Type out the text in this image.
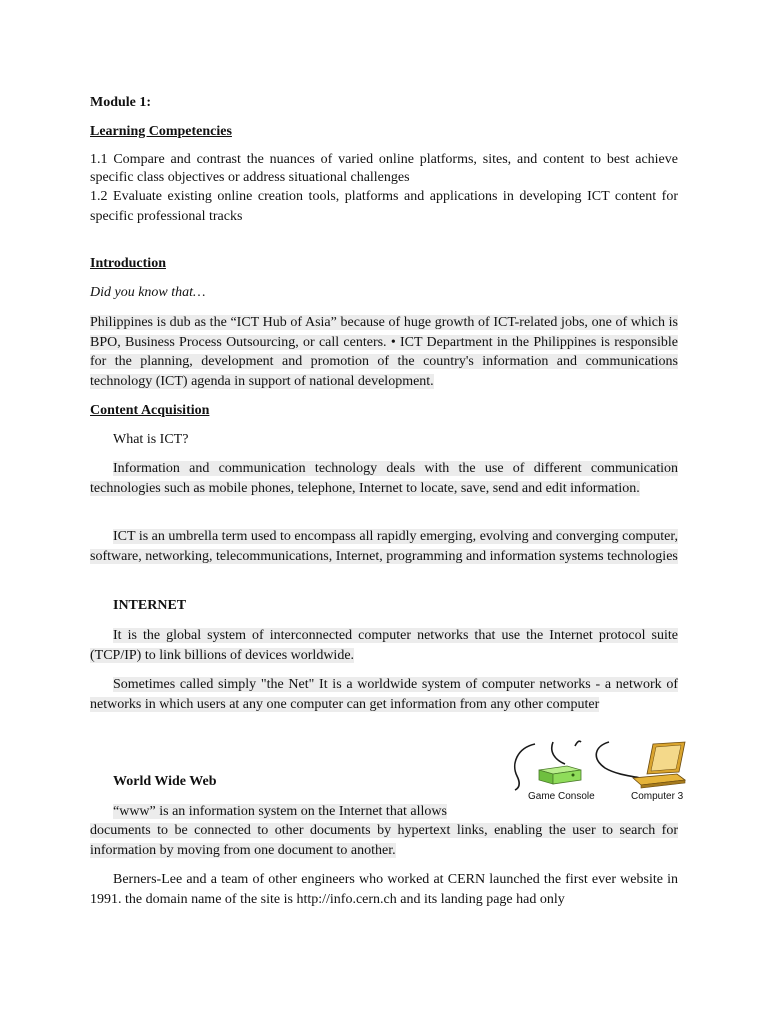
Module 1:
Learning Competencies
1.1 Compare and contrast the nuances of varied online platforms, sites, and content to best achieve specific class objectives or address situational challenges
1.2 Evaluate existing online creation tools, platforms and applications in developing ICT content for specific professional tracks
Introduction
Did you know that…
Philippines is dub as the “ICT Hub of Asia” because of huge growth of ICT-related jobs, one of which is BPO, Business Process Outsourcing, or call centers. • ICT Department in the Philippines is responsible for the planning, development and promotion of the country's information and communications technology (ICT) agenda in support of national development.
Content Acquisition
What is ICT?
Information and communication technology deals with the use of different communication technologies such as mobile phones, telephone, Internet to locate, save, send and edit information.
ICT is an umbrella term used to encompass all rapidly emerging, evolving and converging computer, software, networking, telecommunications, Internet, programming and information systems technologies
INTERNET
It is the global system of interconnected computer networks that use the Internet protocol suite (TCP/IP) to link billions of devices worldwide.
Sometimes called simply "the Net" It is a worldwide system of computer networks - a network of networks in which users at any one computer can get information from any other computer
World Wide Web
“www” is an information system on the Internet that allows
documents to be connected to other documents by hypertext links, enabling the user to search for information by moving from one document to another.
Berners-Lee and a team of other engineers who worked at CERN launched the first ever website in 1991. the domain name of the site is http://info.cern.ch and its landing page had only
Game Console	Computer 3
